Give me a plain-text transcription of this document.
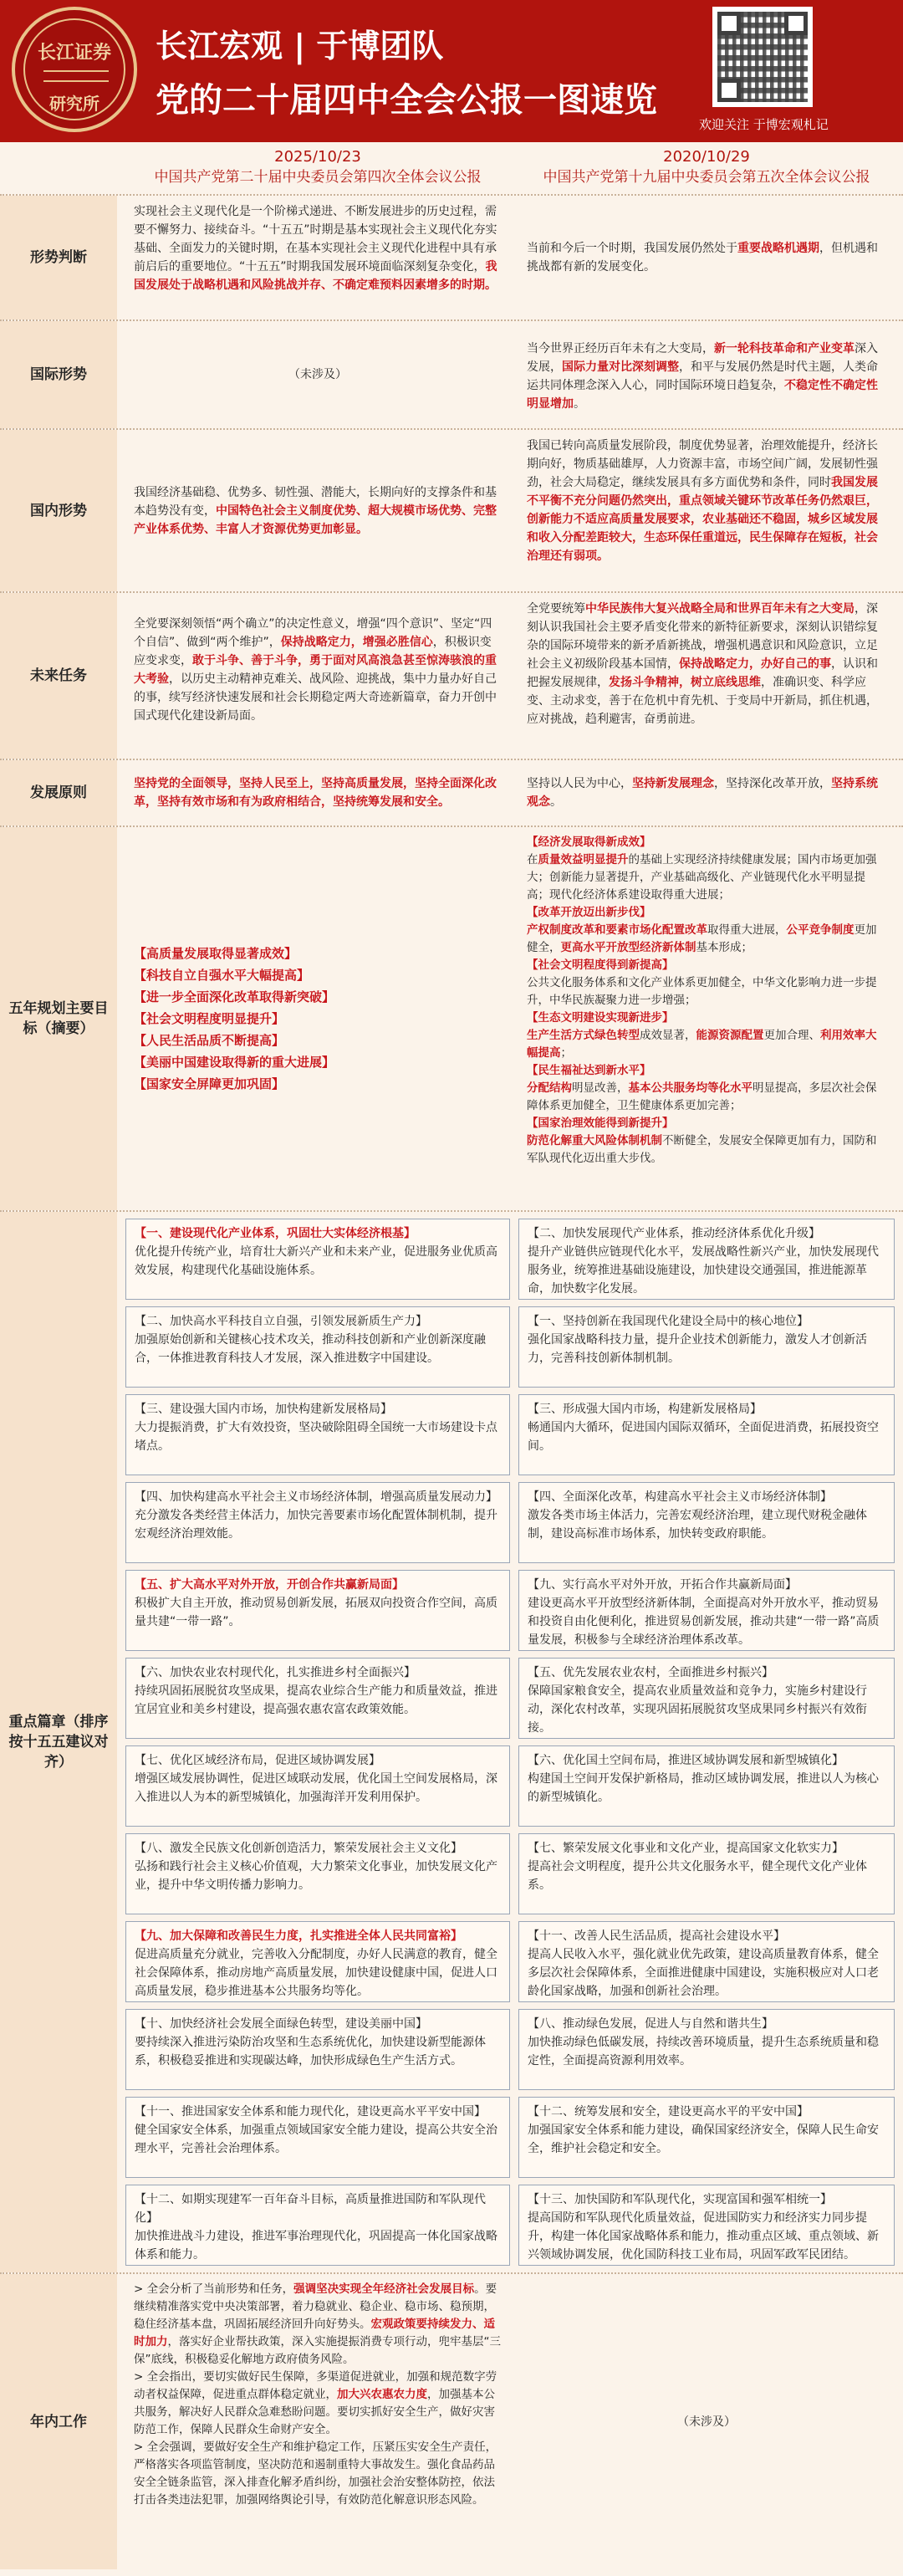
长江证券
研究所
长江宏观 | 于博团队
党的二十届四中全会公报一图速览
欢迎关注 于博宏观札记
2025/10/23
中国共产党第二十届中央委员会第四次全体会议公报
2020/10/29
中国共产党第十九届中央委员会第五次全体会议公报
形势判断
实现社会主义现代化是一个阶梯式递进、不断发展进步的历史过程，需要不懈努力、接续奋斗。“十五五”时期是基本实现社会主义现代化夯实基础、全面发力的关键时期，在基本实现社会主义现代化进程中具有承前启后的重要地位。“十五五”时期我国发展环境面临深刻复杂变化，我国发展处于战略机遇和风险挑战并存、不确定难预料因素增多的时期。
当前和今后一个时期，我国发展仍然处于重要战略机遇期，但机遇和挑战都有新的发展变化。
国际形势	（未涉及）
当今世界正经历百年未有之大变局，新一轮科技革命和产业变革深入发展，国际力量对比深刻调整，和平与发展仍然是时代主题，人类命运共同体理念深入人心，同时国际环境日趋复杂，不稳定性不确定性明显增加。
国内形势
我国经济基础稳、优势多、韧性强、潜能大，长期向好的支撑条件和基本趋势没有变，中国特色社会主义制度优势、超大规模市场优势、完整产业体系优势、丰富人才资源优势更加彰显。
我国已转向高质量发展阶段，制度优势显著，治理效能提升，经济长期向好，物质基础雄厚，人力资源丰富，市场空间广阔，发展韧性强劲，社会大局稳定，继续发展具有多方面优势和条件，同时我国发展不平衡不充分问题仍然突出，重点领域关键环节改革任务仍然艰巨，创新能力不适应高质量发展要求，农业基础还不稳固，城乡区域发展和收入分配差距较大，生态环保任重道远，民生保障存在短板，社会治理还有弱项。
未来任务
全党要深刻领悟“两个确立”的决定性意义，增强“四个意识”、坚定“四个自信”、做到“两个维护”，保持战略定力，增强必胜信心，积极识变应变求变，敢于斗争、善于斗争，勇于面对风高浪急甚至惊涛骇浪的重大考验，以历史主动精神克难关、战风险、迎挑战，集中力量办好自己的事，续写经济快速发展和社会长期稳定两大奇迹新篇章，奋力开创中国式现代化建设新局面。
全党要统筹中华民族伟大复兴战略全局和世界百年未有之大变局，深刻认识我国社会主要矛盾变化带来的新特征新要求，深刻认识错综复杂的国际环境带来的新矛盾新挑战，增强机遇意识和风险意识，立足社会主义初级阶段基本国情，保持战略定力，办好自己的事，认识和把握发展规律，发扬斗争精神，树立底线思维，准确识变、科学应变、主动求变，善于在危机中育先机、于变局中开新局，抓住机遇，应对挑战，趋利避害，奋勇前进。
发展原则
坚持党的全面领导，坚持人民至上，坚持高质量发展，坚持全面深化改革，坚持有效市场和有为政府相结合，坚持统筹发展和安全。
坚持以人民为中心，坚持新发展理念，坚持深化改革开放，坚持系统观念。
五年规划主要目标（摘要）
【高质量发展取得显著成效】
【科技自立自强水平大幅提高】
【进一步全面深化改革取得新突破】
【社会文明程度明显提升】
【人民生活品质不断提高】
【美丽中国建设取得新的重大进展】
【国家安全屏障更加巩固】
【经济发展取得新成效】
在质量效益明显提升的基础上实现经济持续健康发展；国内市场更加强大；创新能力显著提升，产业基础高级化、产业链现代化水平明显提高；现代化经济体系建设取得重大进展；
【改革开放迈出新步伐】
产权制度改革和要素市场化配置改革取得重大进展，公平竞争制度更加健全，更高水平开放型经济新体制基本形成；
【社会文明程度得到新提高】
公共文化服务体系和文化产业体系更加健全，中华文化影响力进一步提升，中华民族凝聚力进一步增强；
【生态文明建设实现新进步】
生产生活方式绿色转型成效显著，能源资源配置更加合理、利用效率大幅提高；
【民生福祉达到新水平】
分配结构明显改善，基本公共服务均等化水平明显提高，多层次社会保障体系更加健全，卫生健康体系更加完善；
【国家治理效能得到新提升】
防范化解重大风险体制机制不断健全，发展安全保障更加有力，国防和军队现代化迈出重大步伐。
重点篇章（排序按十五五建议对齐）
【一、建设现代化产业体系，巩固壮大实体经济根基】
优化提升传统产业，培育壮大新兴产业和未来产业，促进服务业优质高效发展，构建现代化基础设施体系。
【二、加快高水平科技自立自强，引领发展新质生产力】
加强原始创新和关键核心技术攻关，推动科技创新和产业创新深度融合，一体推进教育科技人才发展，深入推进数字中国建设。
【三、建设强大国内市场，加快构建新发展格局】
大力提振消费，扩大有效投资，坚决破除阻碍全国统一大市场建设卡点堵点。
【四、加快构建高水平社会主义市场经济体制，增强高质量发展动力】
充分激发各类经营主体活力，加快完善要素市场化配置体制机制，提升宏观经济治理效能。
【五、扩大高水平对外开放，开创合作共赢新局面】
积极扩大自主开放，推动贸易创新发展，拓展双向投资合作空间，高质量共建“一带一路”。
【六、加快农业农村现代化，扎实推进乡村全面振兴】
持续巩固拓展脱贫攻坚成果，提高农业综合生产能力和质量效益，推进宜居宜业和美乡村建设，提高强农惠农富农政策效能。
【七、优化区域经济布局，促进区域协调发展】
增强区域发展协调性，促进区域联动发展，优化国土空间发展格局，深入推进以人为本的新型城镇化，加强海洋开发利用保护。
【八、激发全民族文化创新创造活力，繁荣发展社会主义文化】
弘扬和践行社会主义核心价值观，大力繁荣文化事业，加快发展文化产业，提升中华文明传播力影响力。
【九、加大保障和改善民生力度，扎实推进全体人民共同富裕】
促进高质量充分就业，完善收入分配制度，办好人民满意的教育，健全社会保障体系，推动房地产高质量发展，加快建设健康中国，促进人口高质量发展，稳步推进基本公共服务均等化。
【十、加快经济社会发展全面绿色转型，建设美丽中国】
要持续深入推进污染防治攻坚和生态系统优化，加快建设新型能源体系，积极稳妥推进和实现碳达峰，加快形成绿色生产生活方式。
【十一、推进国家安全体系和能力现代化，建设更高水平平安中国】
健全国家安全体系，加强重点领域国家安全能力建设，提高公共安全治理水平，完善社会治理体系。
【十二、如期实现建军一百年奋斗目标，高质量推进国防和军队现代化】
加快推进战斗力建设，推进军事治理现代化，巩固提高一体化国家战略体系和能力。
【二、加快发展现代产业体系，推动经济体系优化升级】
提升产业链供应链现代化水平，发展战略性新兴产业，加快发展现代服务业，统筹推进基础设施建设，加快建设交通强国，推进能源革命，加快数字化发展。
【一、坚持创新在我国现代化建设全局中的核心地位】
强化国家战略科技力量，提升企业技术创新能力，激发人才创新活力，完善科技创新体制机制。
【三、形成强大国内市场，构建新发展格局】
畅通国内大循环，促进国内国际双循环，全面促进消费，拓展投资空间。
【四、全面深化改革，构建高水平社会主义市场经济体制】
激发各类市场主体活力，完善宏观经济治理，建立现代财税金融体制，建设高标准市场体系，加快转变政府职能。
【九、实行高水平对外开放，开拓合作共赢新局面】
建设更高水平开放型经济新体制，全面提高对外开放水平，推动贸易和投资自由化便利化，推进贸易创新发展，推动共建“一带一路”高质量发展，积极参与全球经济治理体系改革。
【五、优先发展农业农村，全面推进乡村振兴】
保障国家粮食安全，提高农业质量效益和竞争力，实施乡村建设行动，深化农村改革，实现巩固拓展脱贫攻坚成果同乡村振兴有效衔接。
【六、优化国土空间布局，推进区域协调发展和新型城镇化】
构建国土空间开发保护新格局，推动区域协调发展，推进以人为核心的新型城镇化。
【七、繁荣发展文化事业和文化产业，提高国家文化软实力】
提高社会文明程度，提升公共文化服务水平，健全现代文化产业体系。
【十一、改善人民生活品质，提高社会建设水平】
提高人民收入水平，强化就业优先政策，建设高质量教育体系，健全多层次社会保障体系，全面推进健康中国建设，实施积极应对人口老龄化国家战略，加强和创新社会治理。
【八、推动绿色发展，促进人与自然和谐共生】
加快推动绿色低碳发展，持续改善环境质量，提升生态系统质量和稳定性，全面提高资源利用效率。
【十二、统筹发展和安全，建设更高水平的平安中国】
加强国家安全体系和能力建设，确保国家经济安全，保障人民生命安全，维护社会稳定和安全。
【十三、加快国防和军队现代化，实现富国和强军相统一】
提高国防和军队现代化质量效益，促进国防实力和经济实力同步提升，构建一体化国家战略体系和能力，推动重点区域、重点领域、新兴领域协调发展，优化国防科技工业布局，巩固军政军民团结。
年内工作
> 全会分析了当前形势和任务，强调坚决实现全年经济社会发展目标。要继续精准落实党中央决策部署，着力稳就业、稳企业、稳市场、稳预期，稳住经济基本盘，巩固拓展经济回升向好势头。宏观政策要持续发力、适时加力，落实好企业帮扶政策，深入实施提振消费专项行动，兜牢基层“三保”底线，积极稳妥化解地方政府债务风险。
> 全会指出，要切实做好民生保障，多渠道促进就业，加强和规范数字劳动者权益保障，促进重点群体稳定就业，加大兴农惠农力度，加强基本公共服务，解决好人民群众急难愁盼问题。要切实抓好安全生产，做好灾害防范工作，保障人民群众生命财产安全。
> 全会强调，要做好安全生产和维护稳定工作，压紧压实安全生产责任，严格落实各项监管制度，坚决防范和遏制重特大事故发生。强化食品药品安全全链条监管，深入排查化解矛盾纠纷，加强社会治安整体防控，依法打击各类违法犯罪，加强网络舆论引导，有效防范化解意识形态风险。
（未涉及）
